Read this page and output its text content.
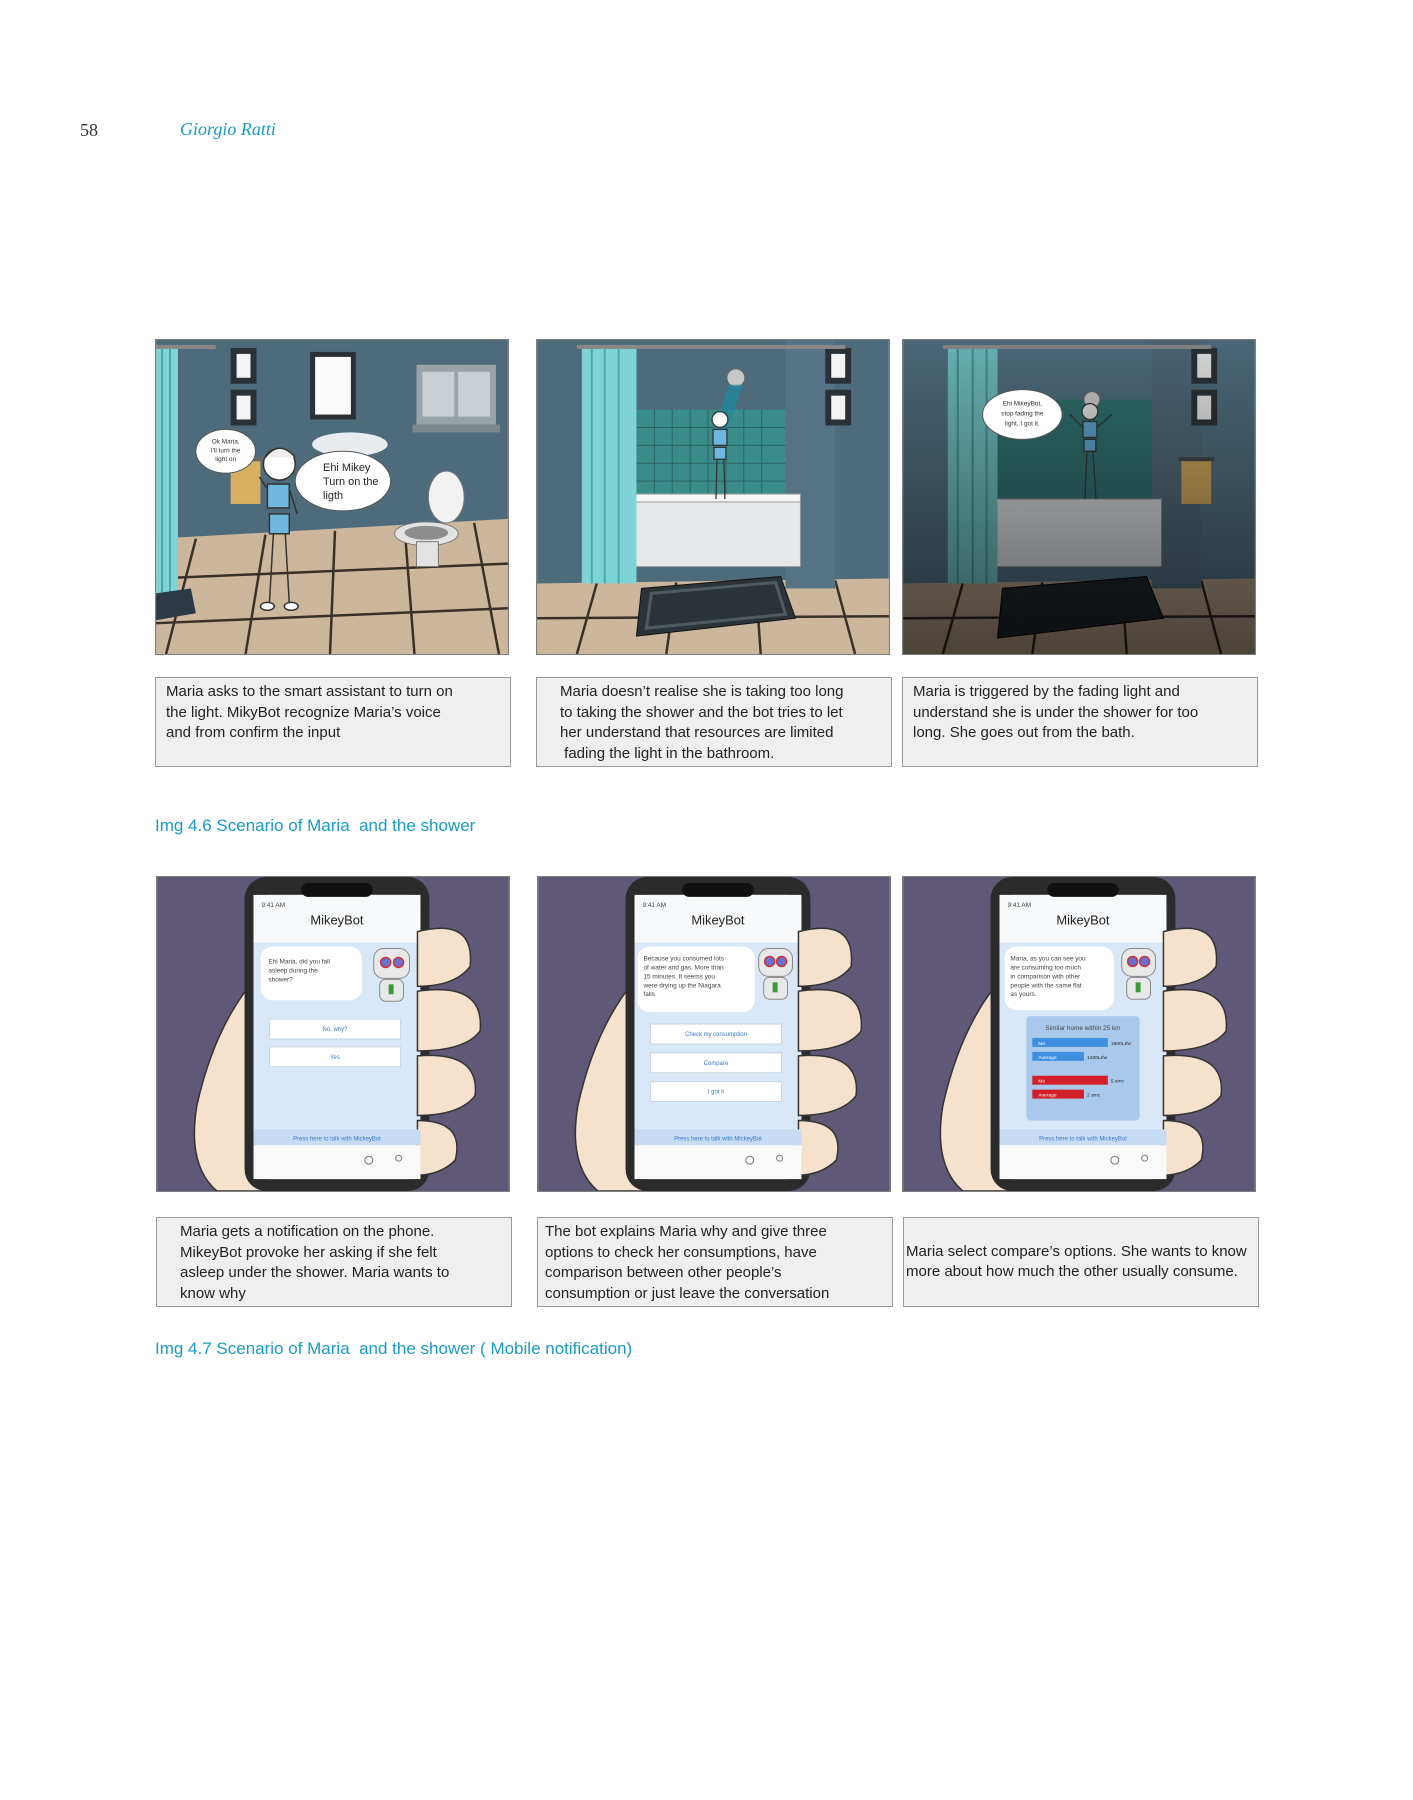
58	Giorgio Ratti
Ok Maria,
I'll turn the
light on
Ehi Mikey
Turn on the
ligth
Ehi MikeyBot,
stop fading the
light. I got it.
Maria asks to the smart assistant to turn on
the light. MikyBot recognize Maria’s voice
and from confirm the input
Maria doesn’t realise she is taking too long
to taking the shower and the bot tries to let
her understand that resources are limited
fading the light in the bathroom.
Maria is triggered by the fading light and
understand she is under the shower for too
long. She goes out from the bath.
Img 4.6 Scenario of Maria  and the shower
9:41 AM
MikeyBot
Ehi Maria, did you fall
asleep during the
shower?
No, why?
Yes
Press here to talk with MickeyBot
9:41 AM
MikeyBot
Because you consumed lots
of water and gas. More than
15 minutes. It seems you
were drying up the Niagara
falls
Check my consumption
Compare
I got it
Press here to talk with MickeyBot
9:41 AM
MikeyBot
Maria, as you can see you
are consuming too much
in comparison with other
people with the same flat
as yours.
Similar home within 25 km
Me	1900Lt/w
Average	1200Lt/w
Me	5 smc
Average	2 smc
Press here to talk with MickeyBot
Maria gets a notification on the phone.
MikeyBot provoke her asking if she felt
asleep under the shower. Maria wants to
know why
The bot explains Maria why and give three
options to check her consumptions, have
comparison between other people’s
consumption or just leave the conversation
Maria select compare’s options. She wants to know
more about how much the other usually consume.
Img 4.7 Scenario of Maria  and the shower ( Mobile notification)
